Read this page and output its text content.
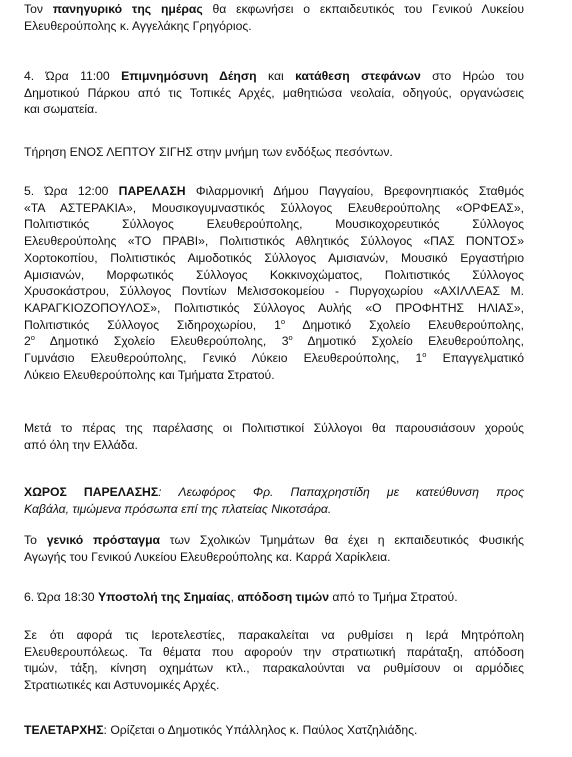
Τον πανηγυρικό της ημέρας θα εκφωνήσει ο εκπαιδευτικός του Γενικού Λυκείου
Ελευθερούπολης κ. Αγγελάκης Γρηγόριος.
4. Ώρα 11:00 Επιμνημόσυνη Δέηση και κατάθεση στεφάνων στο Ηρώο του
Δημοτικού Πάρκου από τις Τοπικές Αρχές, μαθητιώσα νεολαία, οδηγούς, οργανώσεις
και σωματεία.
Τήρηση ΕΝΟΣ ΛΕΠΤΟΥ ΣΙΓΗΣ στην μνήμη των ενδόξως πεσόντων.
5. Ώρα 12:00 ΠΑΡΕΛΑΣΗ Φιλαρμονική Δήμου Παγγαίου, Βρεφονηπιακός Σταθμός
«ΤΑ ΑΣΤΕΡΑΚΙΑ», Μουσικογυμναστικός Σύλλογος Ελευθερούπολης «ΟΡΦΕΑΣ»,
Πολιτιστικός Σύλλογος Ελευθερούπολης, Μουσικοχορευτικός Σύλλογος
Ελευθερούπολης «ΤΟ ΠΡΑΒΙ», Πολιτιστικός Αθλητικός Σύλλογος «ΠΑΣ ΠΟΝΤΟΣ»
Χορτοκοπίου, Πολιτιστικός Αιμοδοτικός Σύλλογος Αμισιανών, Μουσικό Εργαστήριο
Αμισιανών, Μορφωτικός Σύλλογος Κοκκινοχώματος, Πολιτιστικός Σύλλογος
Χρυσοκάστρου, Σύλλογος Ποντίων Μελισσοκομείου - Πυργοχωρίου «ΑΧΙΛΛΕΑΣ Μ.
ΚΑΡΑΓΚΙΟΖΟΠΟΥΛΟΣ», Πολιτιστικός Σύλλογος Αυλής «Ο ΠΡΟΦΗΤΗΣ ΗΛΙΑΣ»,
Πολιτιστικός Σύλλογος Σιδηροχωρίου, $1^o$ Δημοτικό Σχολείο Ελευθερούπολης,
$2^o$ Δημοτικό Σχολείο Ελευθερούπολης, $3^o$ Δημοτικό Σχολείο Ελευθερούπολης,
Γυμνάσιο Ελευθερούπολης, Γενικό Λύκειο Ελευθερούπολης, $1^o$ Επαγγελματικό
Λύκειο Ελευθερούπολης και Τμήματα Στρατού.
Μετά το πέρας της παρέλασης οι Πολιτιστικοί Σύλλογοι θα παρουσιάσουν χορούς
από όλη την Ελλάδα.
ΧΩΡΟΣ ΠΑΡΕΛΑΣΗΣ: Λεωφόρος Φρ. Παπαχρηστίδη με κατεύθυνση προς
Καβάλα, τιμώμενα πρόσωπα επί της πλατείας Νικοτσάρα.
Το γενικό πρόσταγμα των Σχολικών Τμημάτων θα έχει η εκπαιδευτικός Φυσικής
Αγωγής του Γενικού Λυκείου Ελευθερούπολης κα. Καρρά Χαρίκλεια.
6. Ώρα 18:30 Υποστολή της Σημαίας, απόδοση τιμών από το Τμήμα Στρατού.
Σε ότι αφορά τις Ιεροτελεστίες, παρακαλείται να ρυθμίσει η Ιερά Μητρόπολη
Ελευθερουπόλεως. Τα θέματα που αφορούν την στρατιωτική παράταξη, απόδοση
τιμών, τάξη, κίνηση οχημάτων κτλ., παρακαλούνται να ρυθμίσουν οι αρμόδιες
Στρατιωτικές και Αστυνομικές Αρχές.
ΤΕΛΕΤΑΡΧΗΣ: Ορίζεται ο Δημοτικός Υπάλληλος κ. Παύλος Χατζηλιάδης.
